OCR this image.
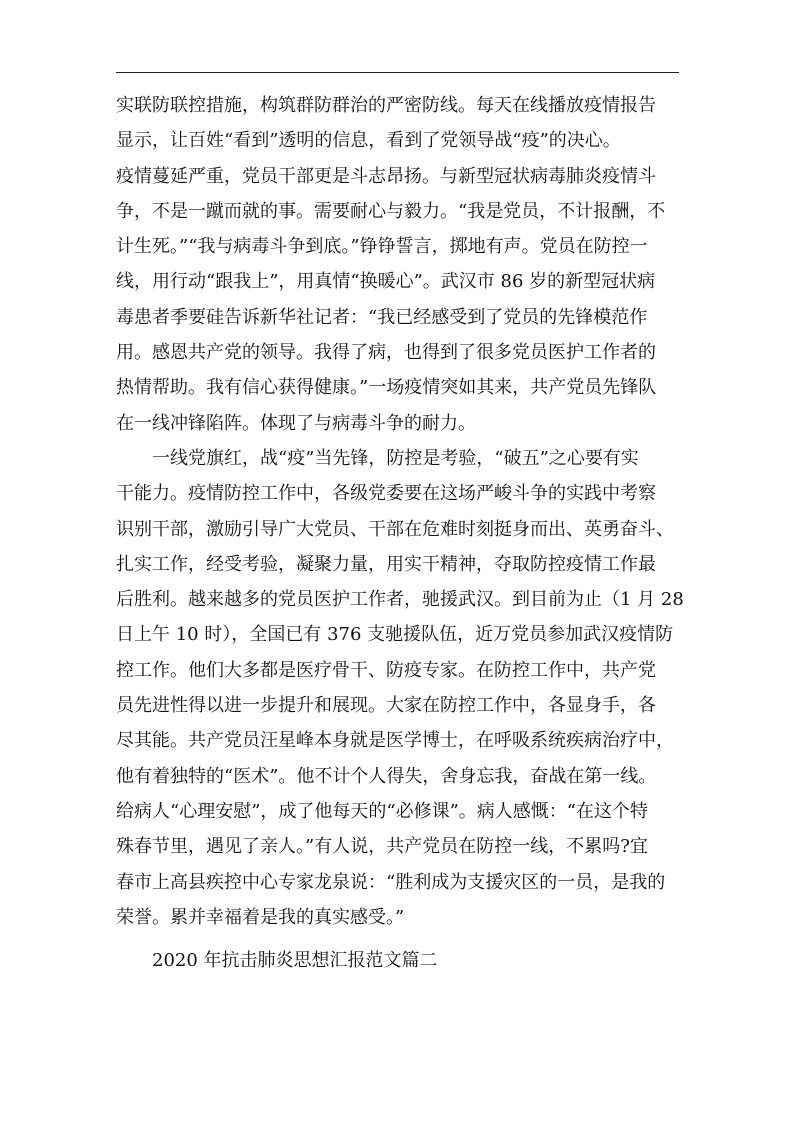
实联防联控措施，构筑群防群治的严密防线。每天在线播放疫情报告
显示，让百姓“看到”透明的信息，看到了党领导战“疫”的决心。
疫情蔓延严重，党员干部更是斗志昂扬。与新型冠状病毒肺炎疫情斗
争，不是一蹴而就的事。需要耐心与毅力。“我是党员，不计报酬，不
计生死。”“我与病毒斗争到底。”铮铮誓言，掷地有声。党员在防控一
线，用行动“跟我上”，用真情“换暖心”。武汉市 86 岁的新型冠状病
毒患者季要硅告诉新华社记者：“我已经感受到了党员的先锋模范作
用。感恩共产党的领导。我得了病，也得到了很多党员医护工作者的
热情帮助。我有信心获得健康。”一场疫情突如其来，共产党员先锋队
在一线冲锋陷阵。体现了与病毒斗争的耐力。
一线党旗红，战“疫”当先锋，防控是考验，“破五”之心要有实
干能力。疫情防控工作中，各级党委要在这场严峻斗争的实践中考察
识别干部，激励引导广大党员、干部在危难时刻挺身而出、英勇奋斗、
扎实工作，经受考验，凝聚力量，用实干精神，夺取防控疫情工作最
后胜利。越来越多的党员医护工作者，驰援武汉。到目前为止（1 月 28
日上午 10 时），全国已有 376 支驰援队伍，近万党员参加武汉疫情防
控工作。他们大多都是医疗骨干、防疫专家。在防控工作中，共产党
员先进性得以进一步提升和展现。大家在防控工作中，各显身手，各
尽其能。共产党员汪星峰本身就是医学博士，在呼吸系统疾病治疗中，
他有着独特的“医术”。他不计个人得失，舍身忘我，奋战在第一线。
给病人“心理安慰”，成了他每天的“必修课”。病人感慨：“在这个特
殊春节里，遇见了亲人。”有人说，共产党员在防控一线，不累吗?宜
春市上高县疾控中心专家龙泉说：“胜利成为支援灾区的一员，是我的
荣誉。累并幸福着是我的真实感受。”
2020 年抗击肺炎思想汇报范文篇二
